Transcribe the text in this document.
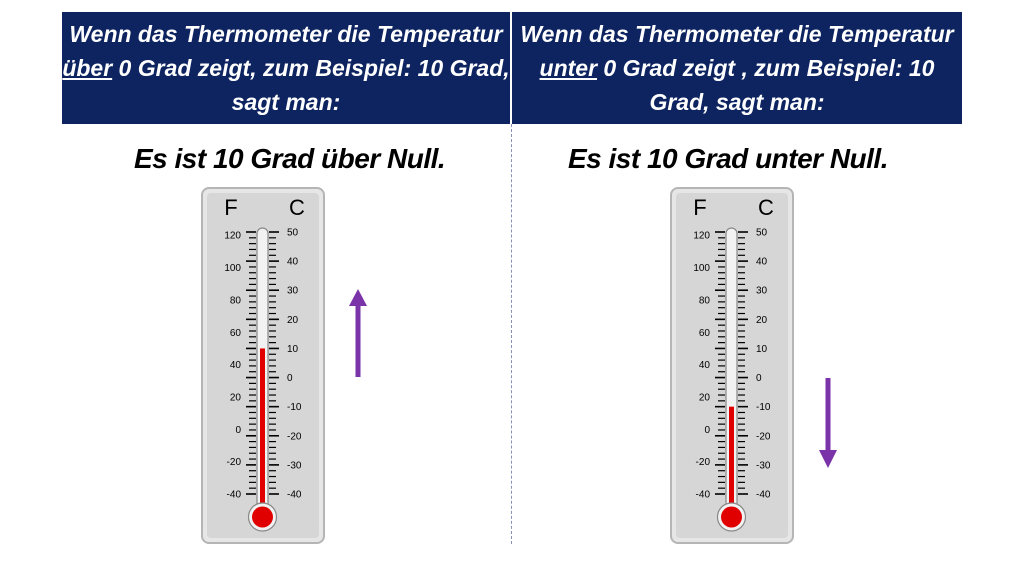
Wenn das Thermometer die Temperatur über 0 Grad zeigt, zum Beispiel: 10 Grad, sagt man:
Wenn das Thermometer die Temperatur unter 0 Grad zeigt , zum Beispiel: 10 Grad, sagt man:
Es ist 10 Grad über Null.	Es ist 10 Grad unter Null.
F C
50
40
30
20
10
0
-10
-20
-30
-40
120
100
80
60
40
20
0
-20
-40
F C
50
40
30
20
10
0
-10
-20
-30
-40
120
100
80
60
40
20
0
-20
-40
